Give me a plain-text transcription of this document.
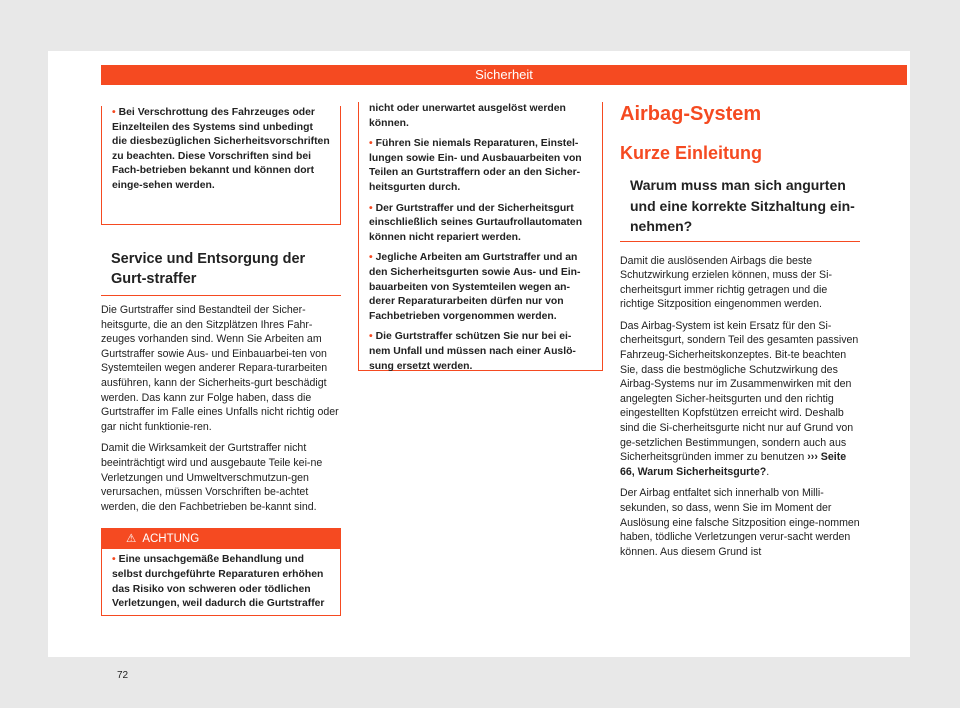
Sicherheit
• Bei Verschrottung des Fahrzeuges oder Einzelteilen des Systems sind unbedingt die diesbezüglichen Sicherheitsvorschriften zu beachten. Diese Vorschriften sind bei Fach-betrieben bekannt und können dort einge-sehen werden.
Service und Entsorgung der Gurt-straffer

Die Gurtstraffer sind Bestandteil der Sicher-heitsgurte, die an den Sitzplätzen Ihres Fahr-zeuges vorhanden sind. Wenn Sie Arbeiten am Gurtstraffer sowie Aus- und Einbauarbei-ten von Systemteilen wegen anderer Repara-turarbeiten ausführen, kann der Sicherheits-gurt beschädigt werden. Das kann zur Folge haben, dass die Gurtstraffer im Falle eines Unfalls nicht richtig oder gar nicht funktionie-ren.

Damit die Wirksamkeit der Gurtstraffer nicht beeinträchtigt wird und ausgebaute Teile kei-ne Verletzungen und Umweltverschmutzun-gen verursachen, müssen Vorschriften be-achtet werden, die den Fachbetrieben be-kannt sind.

⚠ ACHTUNG
• Eine unsachgemäße Behandlung und selbst durchgeführte Reparaturen erhöhen das Risiko von schweren oder tödlichen Verletzungen, weil dadurch die Gurtstraffer
nicht oder unerwartet ausgelöst werden können.
• Führen Sie niemals Reparaturen, Einstel-lungen sowie Ein- und Ausbauarbeiten von Teilen an Gurtstraffern oder an den Sicher-heitsgurten durch.
• Der Gurtstraffer und der Sicherheitsgurt einschließlich seines Gurtaufrollautomaten können nicht repariert werden.
• Jegliche Arbeiten am Gurtstraffer und an den Sicherheitsgurten sowie Aus- und Ein-bauarbeiten von Systemteilen wegen an-derer Reparaturarbeiten dürfen nur von Fachbetrieben vorgenommen werden.
• Die Gurtstraffer schützen Sie nur bei ei-nem Unfall und müssen nach einer Auslö-sung ersetzt werden.
Airbag-System
Kurze Einleitung
Warum muss man sich angurten und eine korrekte Sitzhaltung ein-nehmen?

Damit die auslösenden Airbags die beste Schutzwirkung erzielen können, muss der Si-cherheitsgurt immer richtig getragen und die richtige Sitzposition eingenommen werden.

Das Airbag-System ist kein Ersatz für den Si-cherheitsgurt, sondern Teil des gesamten passiven Fahrzeug-Sicherheitskonzeptes. Bit-te beachten Sie, dass die bestmögliche Schutzwirkung des Airbag-Systems nur im Zusammenwirken mit den angelegten Sicher-heitsgurten und den richtig eingestellten Kopfstützen erreicht wird. Deshalb sind die Si-cherheitsgurte nicht nur auf Grund von ge-setzlichen Bestimmungen, sondern auch aus Sicherheitsgründen immer zu benutzen ››› Seite 66, Warum Sicherheitsgurte?.

Der Airbag entfaltet sich innerhalb von Milli-sekunden, so dass, wenn Sie im Moment der Auslösung eine falsche Sitzposition einge-nommen haben, tödliche Verletzungen verur-sacht werden können. Aus diesem Grund ist

72
